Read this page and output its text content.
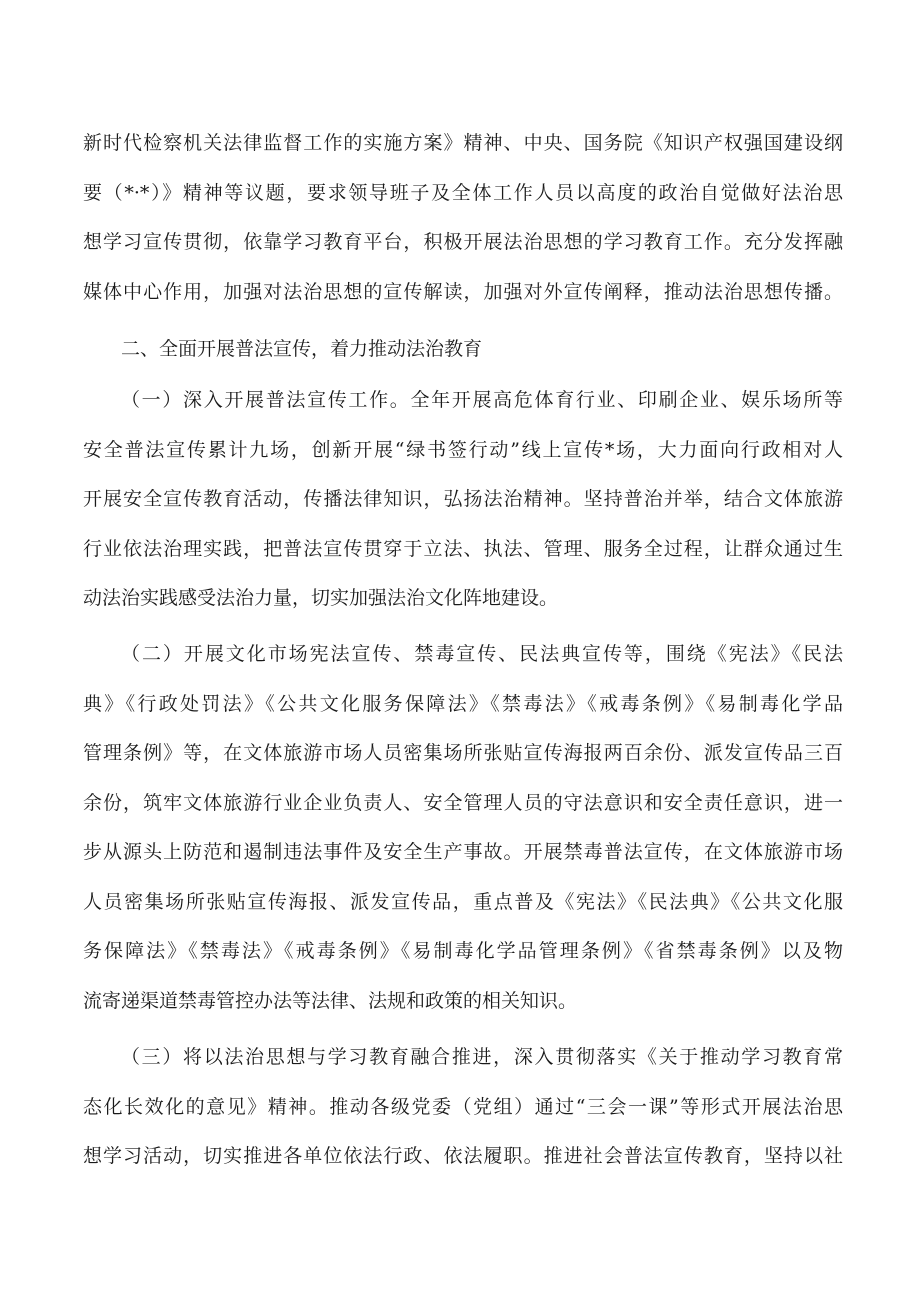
新时代检察机关法律监督工作的实施方案》精神、中央、国务院《知识产权强国建设纲
要（*·*）》精神等议题，要求领导班子及全体工作人员以高度的政治自觉做好法治思
想学习宣传贯彻，依靠学习教育平台，积极开展法治思想的学习教育工作。充分发挥融
媒体中心作用，加强对法治思想的宣传解读，加强对外宣传阐释，推动法治思想传播。
二、全面开展普法宣传，着力推动法治教育
（一）深入开展普法宣传工作。全年开展高危体育行业、印刷企业、娱乐场所等
安全普法宣传累计九场，创新开展“绿书签行动”线上宣传*场，大力面向行政相对人
开展安全宣传教育活动，传播法律知识，弘扬法治精神。坚持普治并举，结合文体旅游
行业依法治理实践，把普法宣传贯穿于立法、执法、管理、服务全过程，让群众通过生
动法治实践感受法治力量，切实加强法治文化阵地建设。
（二）开展文化市场宪法宣传、禁毒宣传、民法典宣传等，围绕《宪法》《民法
典》《行政处罚法》《公共文化服务保障法》《禁毒法》《戒毒条例》《易制毒化学品
管理条例》等，在文体旅游市场人员密集场所张贴宣传海报两百余份、派发宣传品三百
余份，筑牢文体旅游行业企业负责人、安全管理人员的守法意识和安全责任意识，进一
步从源头上防范和遏制违法事件及安全生产事故。开展禁毒普法宣传，在文体旅游市场
人员密集场所张贴宣传海报、派发宣传品，重点普及《宪法》《民法典》《公共文化服
务保障法》《禁毒法》《戒毒条例》《易制毒化学品管理条例》《省禁毒条例》以及物
流寄递渠道禁毒管控办法等法律、法规和政策的相关知识。
（三）将以法治思想与学习教育融合推进，深入贯彻落实《关于推动学习教育常
态化长效化的意见》精神。推动各级党委（党组）通过“三会一课”等形式开展法治思
想学习活动，切实推进各单位依法行政、依法履职。推进社会普法宣传教育，坚持以社
